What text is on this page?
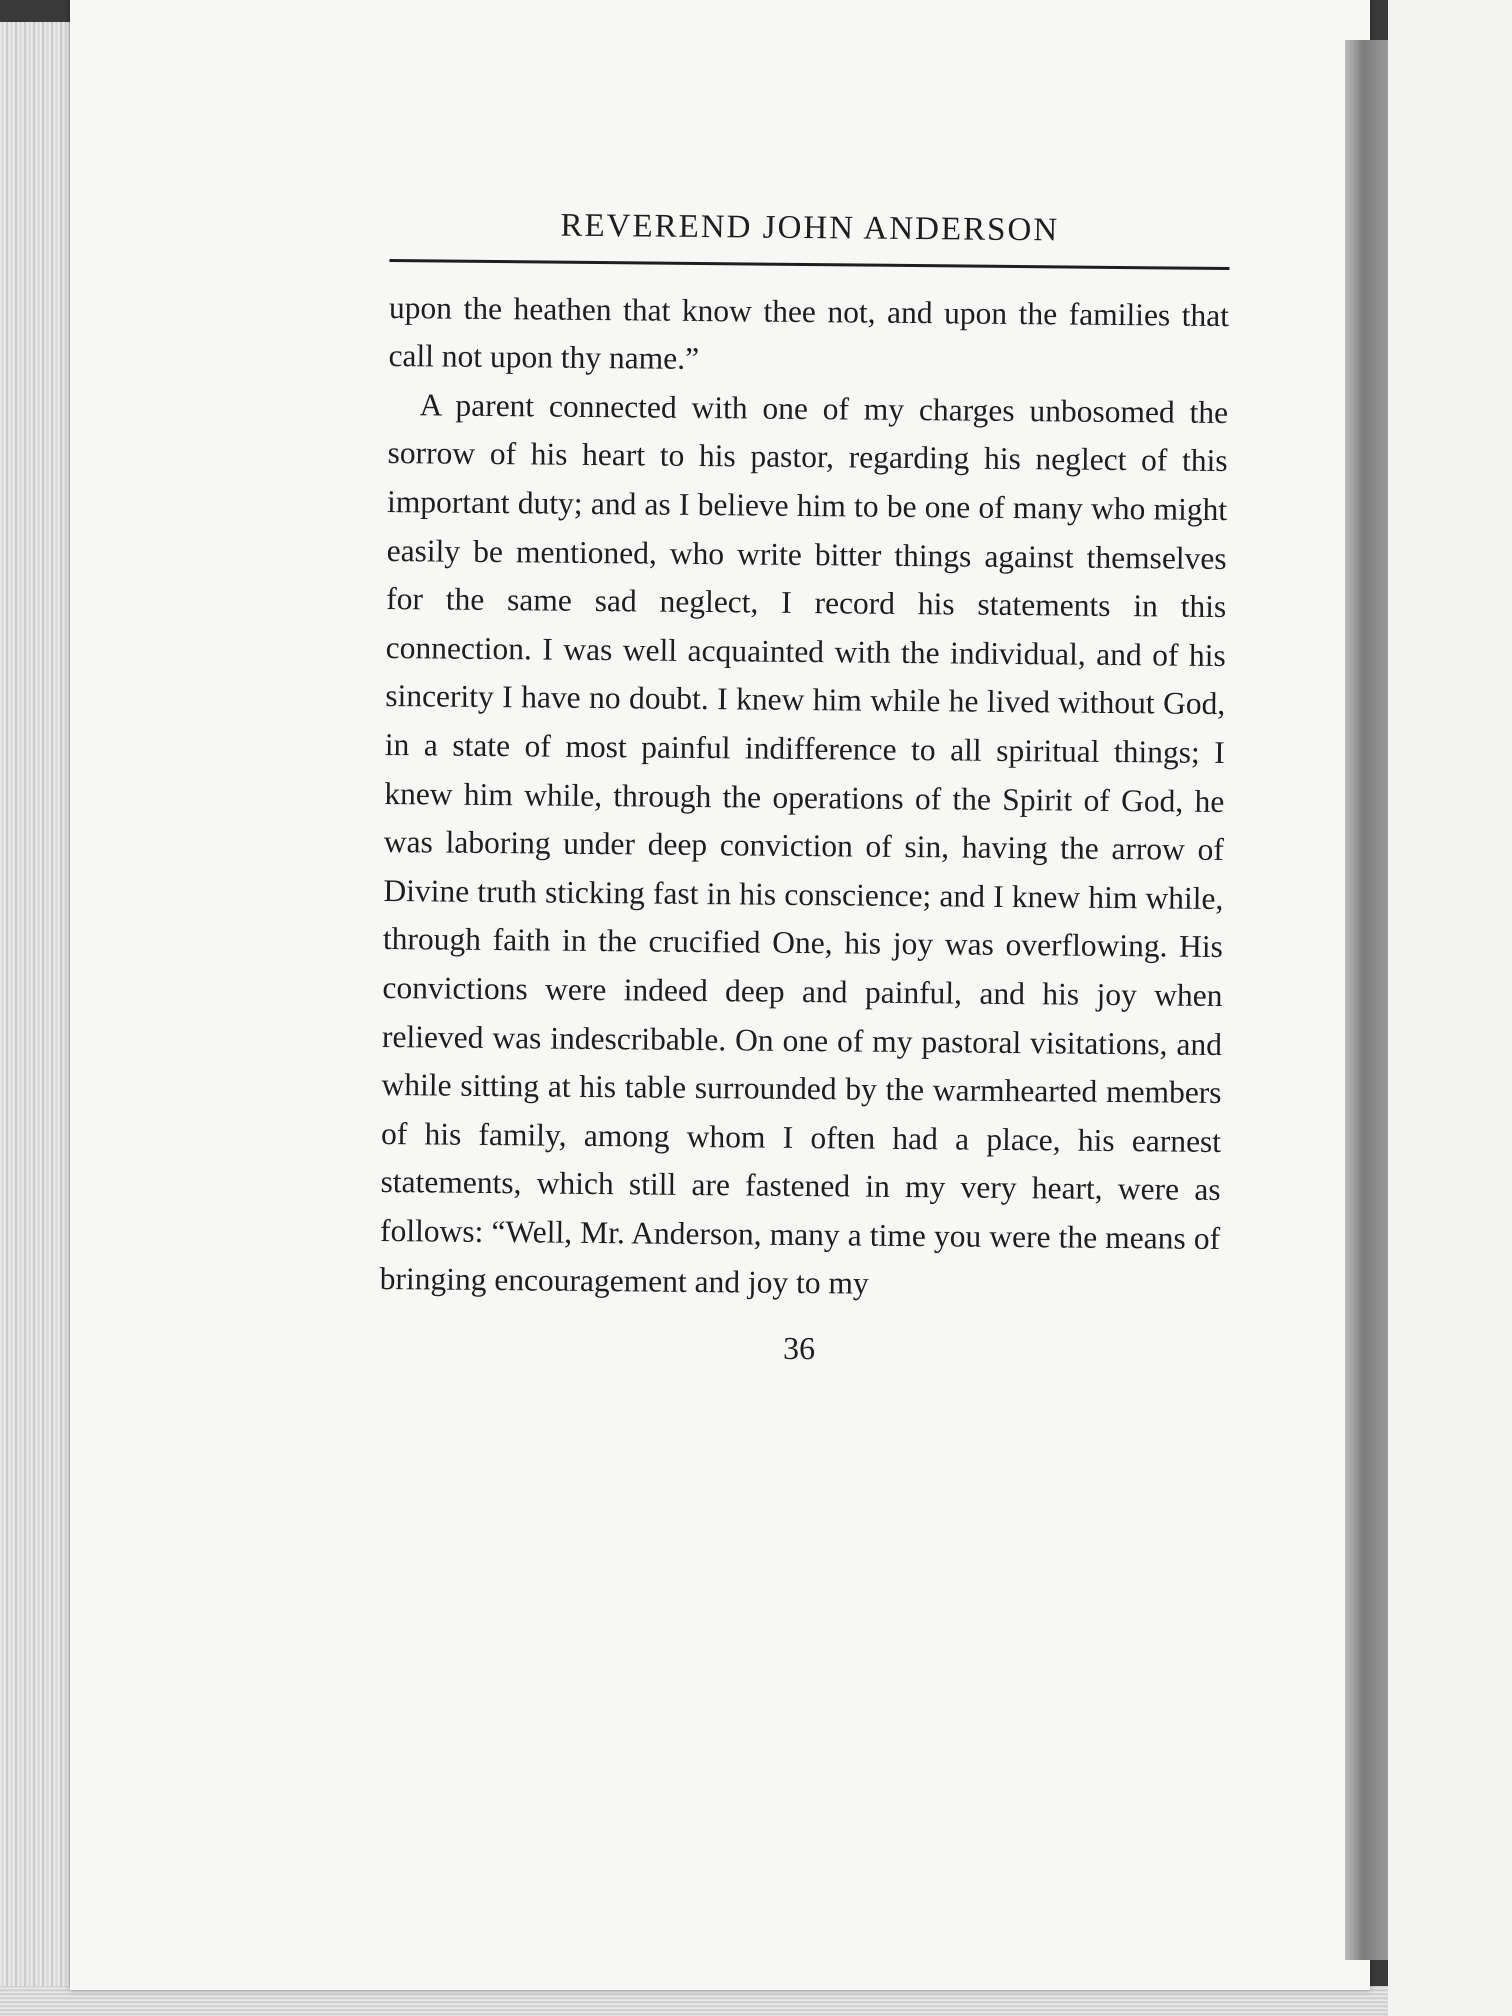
REVEREND JOHN ANDERSON

upon the heathen that know thee not, and upon the families that call not upon thy name.”

A parent connected with one of my charges unbosomed the sorrow of his heart to his pastor, regarding his neglect of this important duty; and as I believe him to be one of many who might easily be mentioned, who write bitter things against themselves for the same sad neglect, I record his statements in this connection. I was well acquainted with the individual, and of his sincerity I have no doubt. I knew him while he lived without God, in a state of most painful indifference to all spiritual things; I knew him while, through the operations of the Spirit of God, he was laboring under deep conviction of sin, having the arrow of Divine truth sticking fast in his conscience; and I knew him while, through faith in the crucified One, his joy was overflowing. His convictions were indeed deep and painful, and his joy when relieved was indescribable. On one of my pastoral visitations, and while sitting at his table surrounded by the warmhearted members of his family, among whom I often had a place, his earnest statements, which still are fastened in my very heart, were as follows: “Well, Mr. Anderson, many a time you were the means of bringing encouragement and joy to my

36
